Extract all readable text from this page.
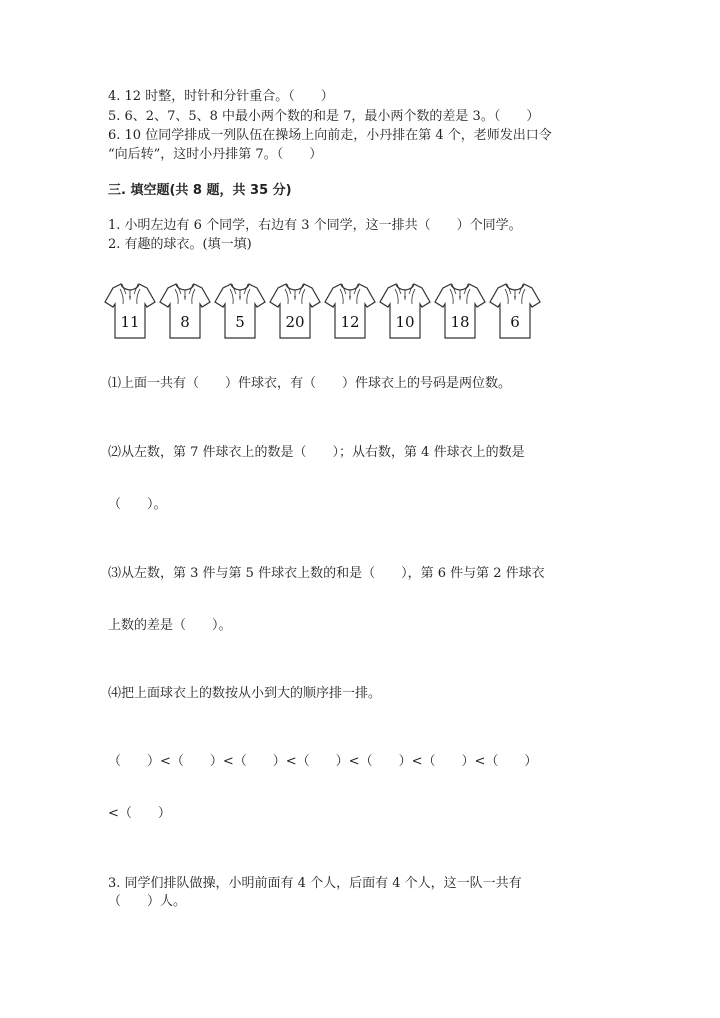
4. 12 时整，时针和分针重合。（　　）
5. 6、2、7、5、8 中最小两个数的和是 7，最小两个数的差是 3。（　　）
6. 10 位同学排成一列队伍在操场上向前走，小丹排在第 4 个，老师发出口令
“向后转”，这时小丹排第 7。（　　）
三. 填空题(共 8 题，共 35 分)
1. 小明左边有 6 个同学，右边有 3 个同学，这一排共（　　）个同学。
2. 有趣的球衣。(填一填)
11	8	5	20	12	10	18	6
⑴上面一共有（　　）件球衣，有（　　）件球衣上的号码是两位数。
⑵从左数，第 7 件球衣上的数是（　　）；从右数，第 4 件球衣上的数是
（　　）。
⑶从左数，第 3 件与第 5 件球衣上数的和是（　　），第 6 件与第 2 件球衣
上数的差是（　　）。
⑷把上面球衣上的数按从小到大的顺序排一排。
（　　）<（　　）<（　　）<（　　）<（　　）<（　　）<（　　）
<（　　）
3. 同学们排队做操，小明前面有 4 个人，后面有 4 个人，这一队一共有
（　　）人。
